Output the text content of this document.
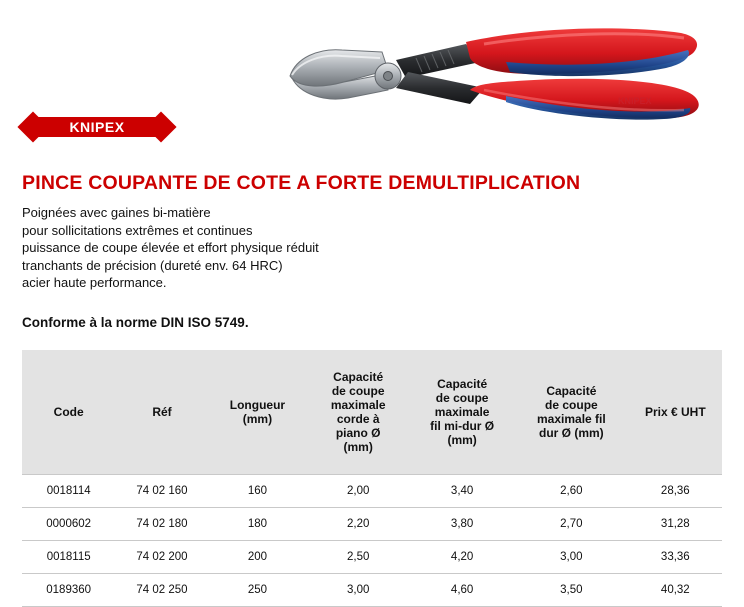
KNIPEX
KNIPEX
PINCE COUPANTE DE COTE A FORTE DEMULTIPLICATION
Poignées avec gaines bi-matière
pour sollicitations extrêmes et continues
puissance de coupe élevée et effort physique réduit
tranchants de précision (dureté env. 64 HRC)
acier haute performance.
Conforme à la norme DIN ISO 5749.
Code	Réf	Longueur
(mm)	Capacité
de coupe
maximale
corde à
piano Ø
(mm)	Capacité
de coupe
maximale
fil mi-dur Ø
(mm)	Capacité
de coupe
maximale fil
dur Ø (mm)	Prix € UHT
0018114	74 02 160	160	2,00	3,40	2,60	28,36
0000602	74 02 180	180	2,20	3,80	2,70	31,28
0018115	74 02 200	200	2,50	4,20	3,00	33,36
0189360	74 02 250	250	3,00	4,60	3,50	40,32
